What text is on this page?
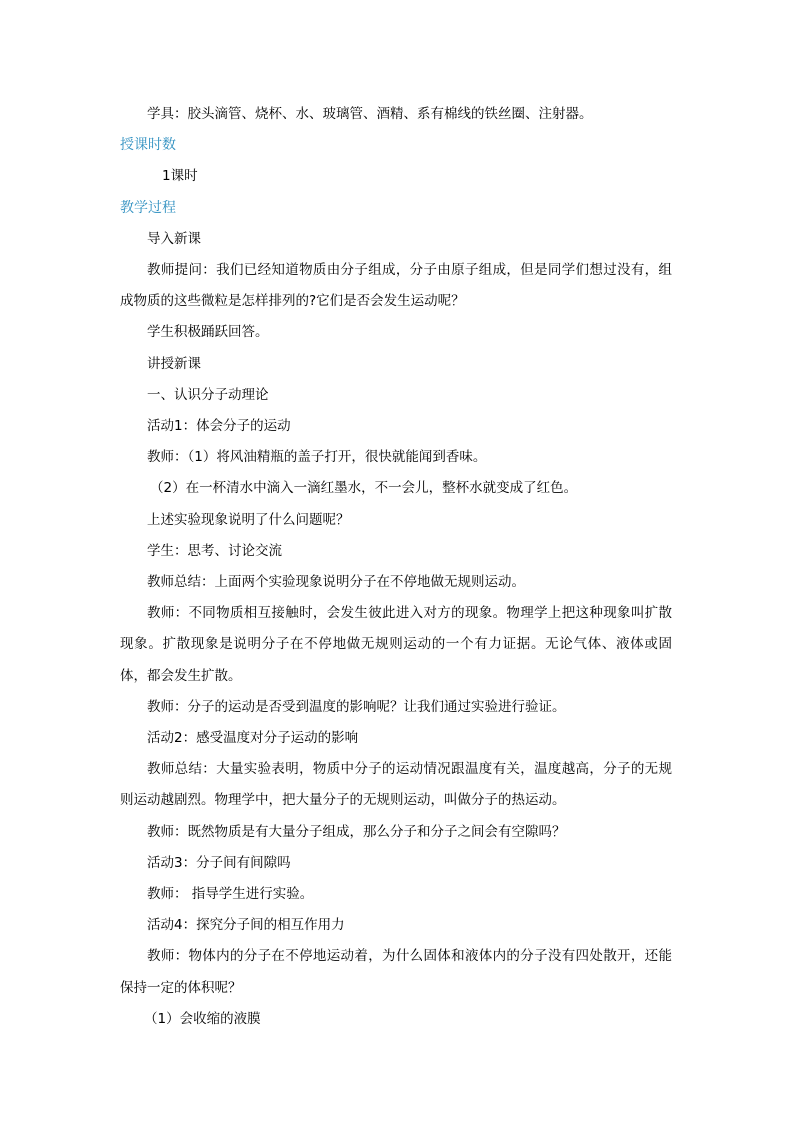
学具：胶头滴管、烧杯、水、玻璃管、酒精、系有棉线的铁丝圈、注射器。

授课时数

1课时

教学过程

导入新课

教师提问：我们已经知道物质由分子组成，分子由原子组成，但是同学们想过没有，组成物质的这些微粒是怎样排列的?它们是否会发生运动呢？

学生积极踊跃回答。

讲授新课

一、认识分子动理论

活动1：体会分子的运动

教师：（1）将风油精瓶的盖子打开，很快就能闻到香味。

（2）在一杯清水中滴入一滴红墨水，不一会儿，整杯水就变成了红色。

上述实验现象说明了什么问题呢？

学生：思考、讨论交流

教师总结：上面两个实验现象说明分子在不停地做无规则运动。

教师：不同物质相互接触时，会发生彼此进入对方的现象。物理学上把这种现象叫扩散现象。扩散现象是说明分子在不停地做无规则运动的一个有力证据。无论气体、液体或固体，都会发生扩散。

教师：分子的运动是否受到温度的影响呢？让我们通过实验进行验证。

活动2：感受温度对分子运动的影响

教师总结：大量实验表明，物质中分子的运动情况跟温度有关，温度越高，分子的无规则运动越剧烈。物理学中，把大量分子的无规则运动，叫做分子的热运动。

教师：既然物质是有大量分子组成，那么分子和分子之间会有空隙吗？

活动3：分子间有间隙吗

教师： 指导学生进行实验。

活动4：探究分子间的相互作用力

教师：物体内的分子在不停地运动着，为什么固体和液体内的分子没有四处散开，还能保持一定的体积呢？

（1）会收缩的液膜
